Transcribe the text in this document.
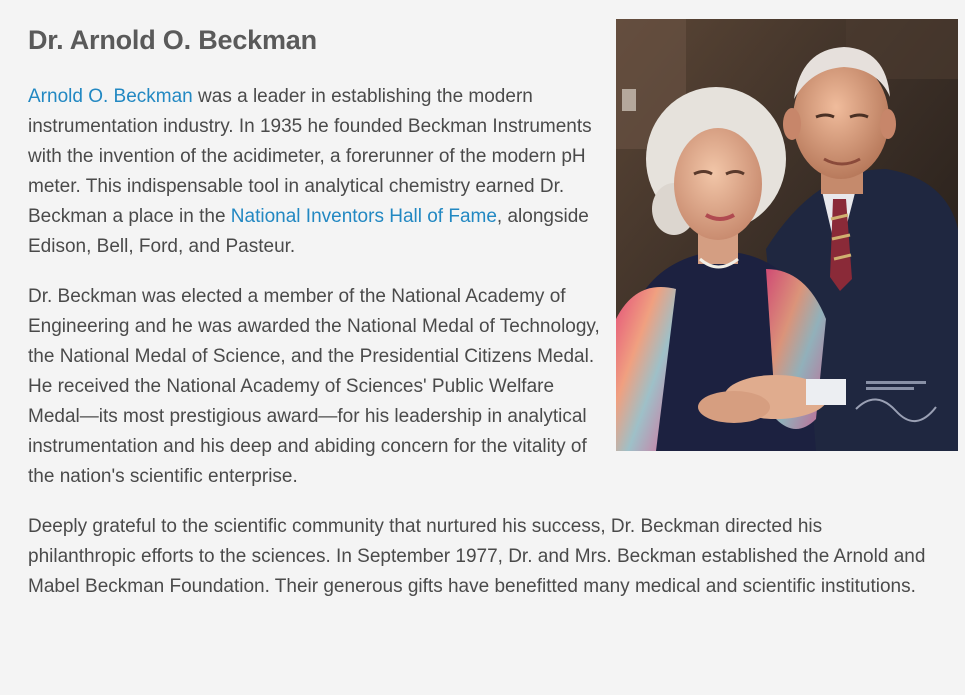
Dr. Arnold O. Beckman

Arnold O. Beckman was a leader in establishing the modern instrumentation industry. In 1935 he founded Beckman Instruments with the invention of the acidimeter, a forerunner of the modern pH meter. This indispensable tool in analytical chemistry earned Dr. Beckman a place in the National Inventors Hall of Fame, alongside Edison, Bell, Ford, and Pasteur.

Dr. Beckman was elected a member of the National Academy of Engineering and he was awarded the National Medal of Technology, the National Medal of Science, and the Presidential Citizens Medal. He received the National Academy of Sciences' Public Welfare Medal—its most prestigious award—for his leadership in analytical instrumentation and his deep and abiding concern for the vitality of the nation's scientific enterprise.

Deeply grateful to the scientific community that nurtured his success, Dr. Beckman directed his philanthropic efforts to the sciences. In September 1977, Dr. and Mrs. Beckman established the Arnold and Mabel Beckman Foundation. Their generous gifts have benefitted many medical and scientific institutions.
